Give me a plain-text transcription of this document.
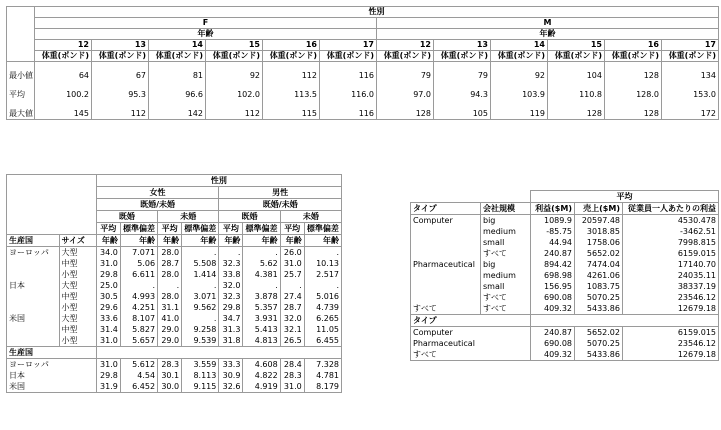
	性別											
	F						M					
	年齢						年齢					
	12	13	14	15	16	17	12	13	14	15	16	17
	体重(ポンド)	体重(ポンド)	体重(ポンド)	体重(ポンド)	体重(ポンド)	体重(ポンド)	体重(ポンド)	体重(ポンド)	体重(ポンド)	体重(ポンド)	体重(ポンド)	体重(ポンド)

最小値	64	67	81	92	112	116	79	79	92	104	128	134

平均	100.2	95.3	96.6	102.0	113.5	116.0	97.0	94.3	103.9	110.8	128.0	153.0

最大値	145	112	142	112	115	116	128	105	119	128	128	172
		性別							
		女性				男性			
		既婚/未婚				既婚/未婚			
		既婚		未婚		既婚		未婚	
		平均	標準偏差	平均	標準偏差	平均	標準偏差	平均	標準偏差
生産国	サイズ	年齢	年齢	年齢	年齢	年齢	年齢	年齢	年齢
ヨーロッパ	大型	34.0	7.071	28.0	.	.	.	26.0	.
	中型	31.0	5.06	28.7	5.508	32.3	5.62	31.0	10.13
	小型	29.8	6.611	28.0	1.414	33.8	4.381	25.7	2.517
日本	大型	25.0	.	.	.	32.0	.	.	.
	中型	30.5	4.993	28.0	3.071	32.3	3.878	27.4	5.016
	小型	29.6	4.251	31.1	9.562	29.8	5.357	28.7	4.739
米国	大型	33.6	8.107	41.0	.	34.7	3.931	32.0	6.265
	中型	31.4	5.827	29.0	9.258	31.3	5.413	32.1	11.05
	小型	31.0	5.657	29.0	9.539	31.8	4.813	26.5	6.455
生産国									
ヨーロッパ		31.0	5.612	28.3	3.559	33.3	4.608	28.4	7.328
日本		29.8	4.54	30.1	8.113	30.9	4.822	28.3	4.781
米国		31.9	6.452	30.0	9.115	32.6	4.919	31.0	8.179
		平均		
タイプ	会社規模	利益($M)	売上($M)	従業員一人あたりの利益
Computer	big	1089.9	20597.48	4530.478
	medium	-85.75	3018.85	-3462.51
	small	44.94	1758.06	7998.815
	すべて	240.87	5652.02	6159.015
Pharmaceutical	big	894.42	7474.04	17140.70
	medium	698.98	4261.06	24035.11
	small	156.95	1083.75	38337.19
	すべて	690.08	5070.25	23546.12
すべて	すべて	409.32	5433.86	12679.18
タイプ				
Computer		240.87	5652.02	6159.015
Pharmaceutical		690.08	5070.25	23546.12
すべて		409.32	5433.86	12679.18
